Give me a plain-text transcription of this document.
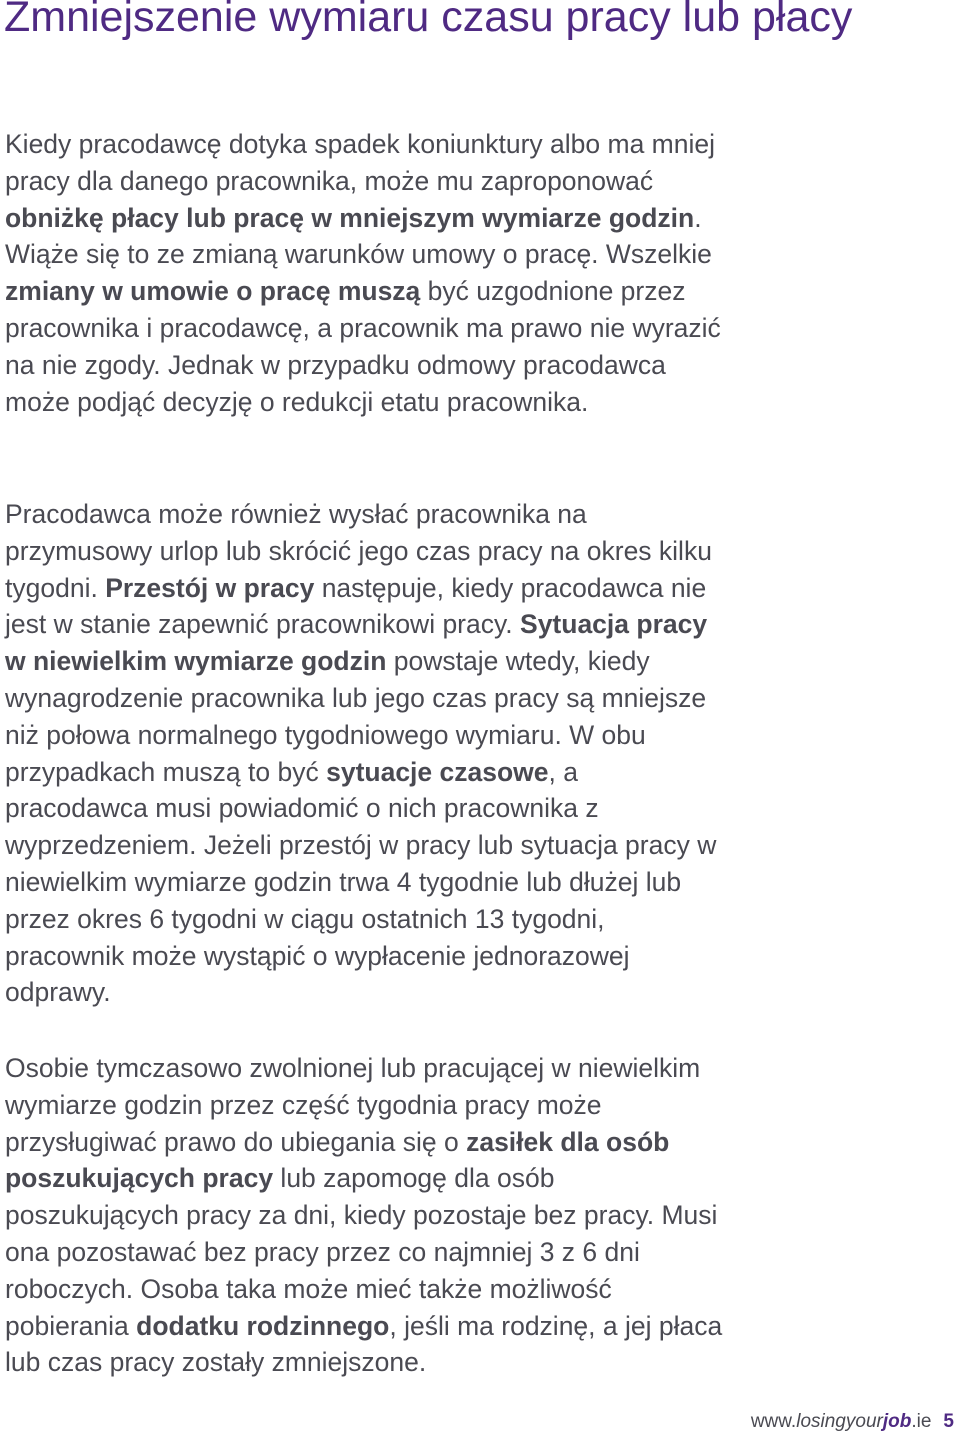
Zmniejszenie wymiaru czasu pracy lub płacy

Kiedy pracodawcę dotyka spadek koniunktury albo ma mniej pracy dla danego pracownika, może mu zaproponować obniżkę płacy lub pracę w mniejszym wymiarze godzin. Wiąże się to ze zmianą warunków umowy o pracę. Wszelkie zmiany w umowie o pracę muszą być uzgodnione przez pracownika i pracodawcę, a pracownik ma prawo nie wyrazić na nie zgody. Jednak w przypadku odmowy pracodawca może podjąć decyzję o redukcji etatu pracownika.

Pracodawca może również wysłać pracownika na przymusowy urlop lub skrócić jego czas pracy na okres kilku tygodni. Przestój w pracy następuje, kiedy pracodawca nie jest w stanie zapewnić pracownikowi pracy. Sytuacja pracy w niewielkim wymiarze godzin powstaje wtedy, kiedy wynagrodzenie pracownika lub jego czas pracy są mniejsze niż połowa normalnego tygodniowego wymiaru. W obu przypadkach muszą to być sytuacje czasowe, a pracodawca musi powiadomić o nich pracownika z wyprzedzeniem. Jeżeli przestój w pracy lub sytuacja pracy w niewielkim wymiarze godzin trwa 4 tygodnie lub dłużej lub przez okres 6 tygodni w ciągu ostatnich 13 tygodni, pracownik może wystąpić o wypłacenie jednorazowej odprawy.

Osobie tymczasowo zwolnionej lub pracującej w niewielkim wymiarze godzin przez część tygodnia pracy może przysługiwać prawo do ubiegania się o zasiłek dla osób poszukujących pracy lub zapomogę dla osób poszukujących pracy za dni, kiedy pozostaje bez pracy. Musi ona pozostawać bez pracy przez co najmniej 3 z 6 dni roboczych. Osoba taka może mieć także możliwość pobierania dodatku rodzinnego, jeśli ma rodzinę, a jej płaca lub czas pracy zostały zmniejszone.

www.losingyourjob.ie 5
